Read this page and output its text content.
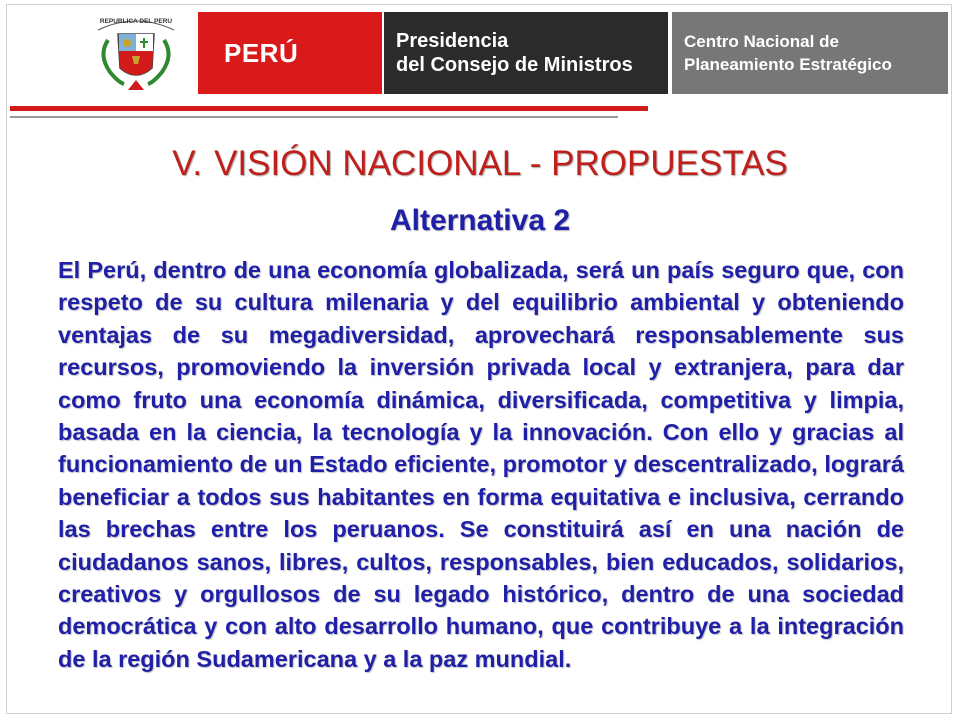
REPUBLICA DEL PERU
PERÚ	Presidencia
del Consejo de Ministros
Centro Nacional de
Planeamiento Estratégico
V. VISIÓN NACIONAL - PROPUESTAS
Alternativa 2
El Perú, dentro de una economía globalizada, será un país seguro que, con respeto de su cultura milenaria y del equilibrio ambiental y obteniendo ventajas de su megadiversidad, aprovechará responsablemente sus recursos, promoviendo la inversión privada local y extranjera, para dar como fruto una economía dinámica, diversificada, competitiva y limpia, basada en la ciencia, la tecnología y la innovación. Con ello y gracias al funcionamiento de un Estado eficiente, promotor y descentralizado, logrará beneficiar a todos sus habitantes en forma equitativa e inclusiva, cerrando las brechas entre los peruanos. Se constituirá así en una nación de ciudadanos sanos, libres, cultos, responsables, bien educados, solidarios, creativos y orgullosos de su legado histórico, dentro de una sociedad democrática y con alto desarrollo humano, que contribuye a la integración de la región Sudamericana y a la paz mundial.
